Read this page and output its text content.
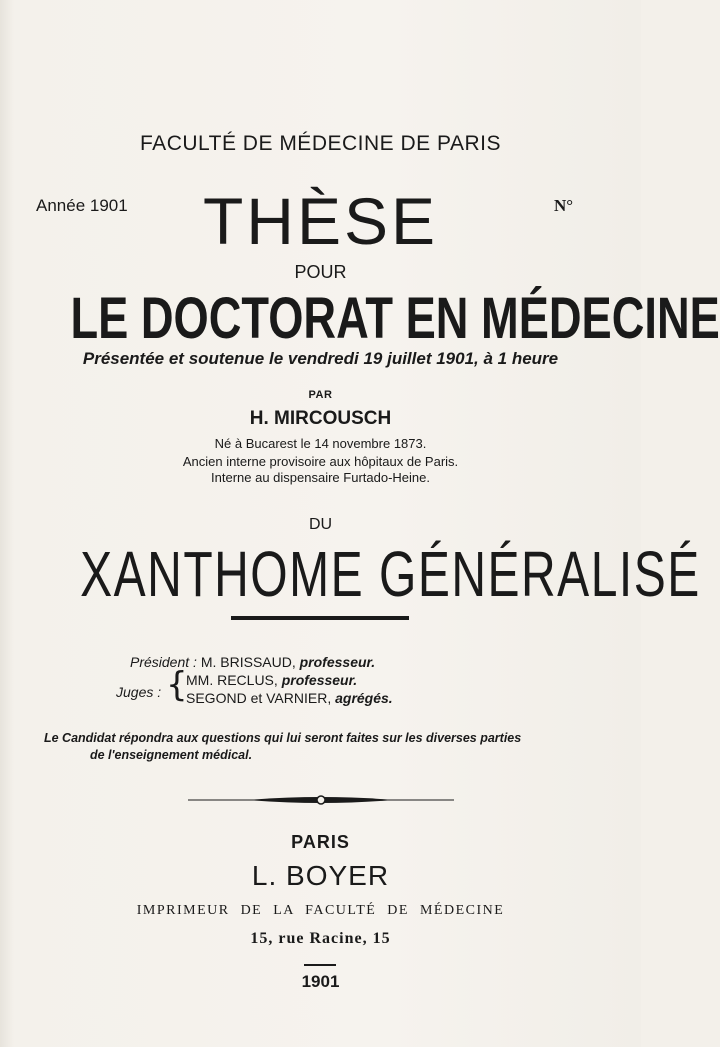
FACULTÉ DE MÉDECINE DE PARIS
Année 1901	THÈSE	N°
POUR
LE DOCTORAT EN MÉDECINE
Présentée et soutenue le vendredi 19 juillet 1901, à 1 heure
PAR
H. MIRCOUSCH
Né à Bucarest le 14 novembre 1873.
Ancien interne provisoire aux hôpitaux de Paris.
Interne au dispensaire Furtado-Heine.
DU
XANTHOME GÉNÉRALISÉ
Président : M. BRISSAUD, professeur.
Juges : {
MM. RECLUS, professeur.
SEGOND et VARNIER, agrégés.
Le Candidat répondra aux questions qui lui seront faites sur les diverses parties
de l'enseignement médical.
PARIS
L. BOYER
IMPRIMEUR DE LA FACULTÉ DE MÉDECINE
15, rue Racine, 15
1901
